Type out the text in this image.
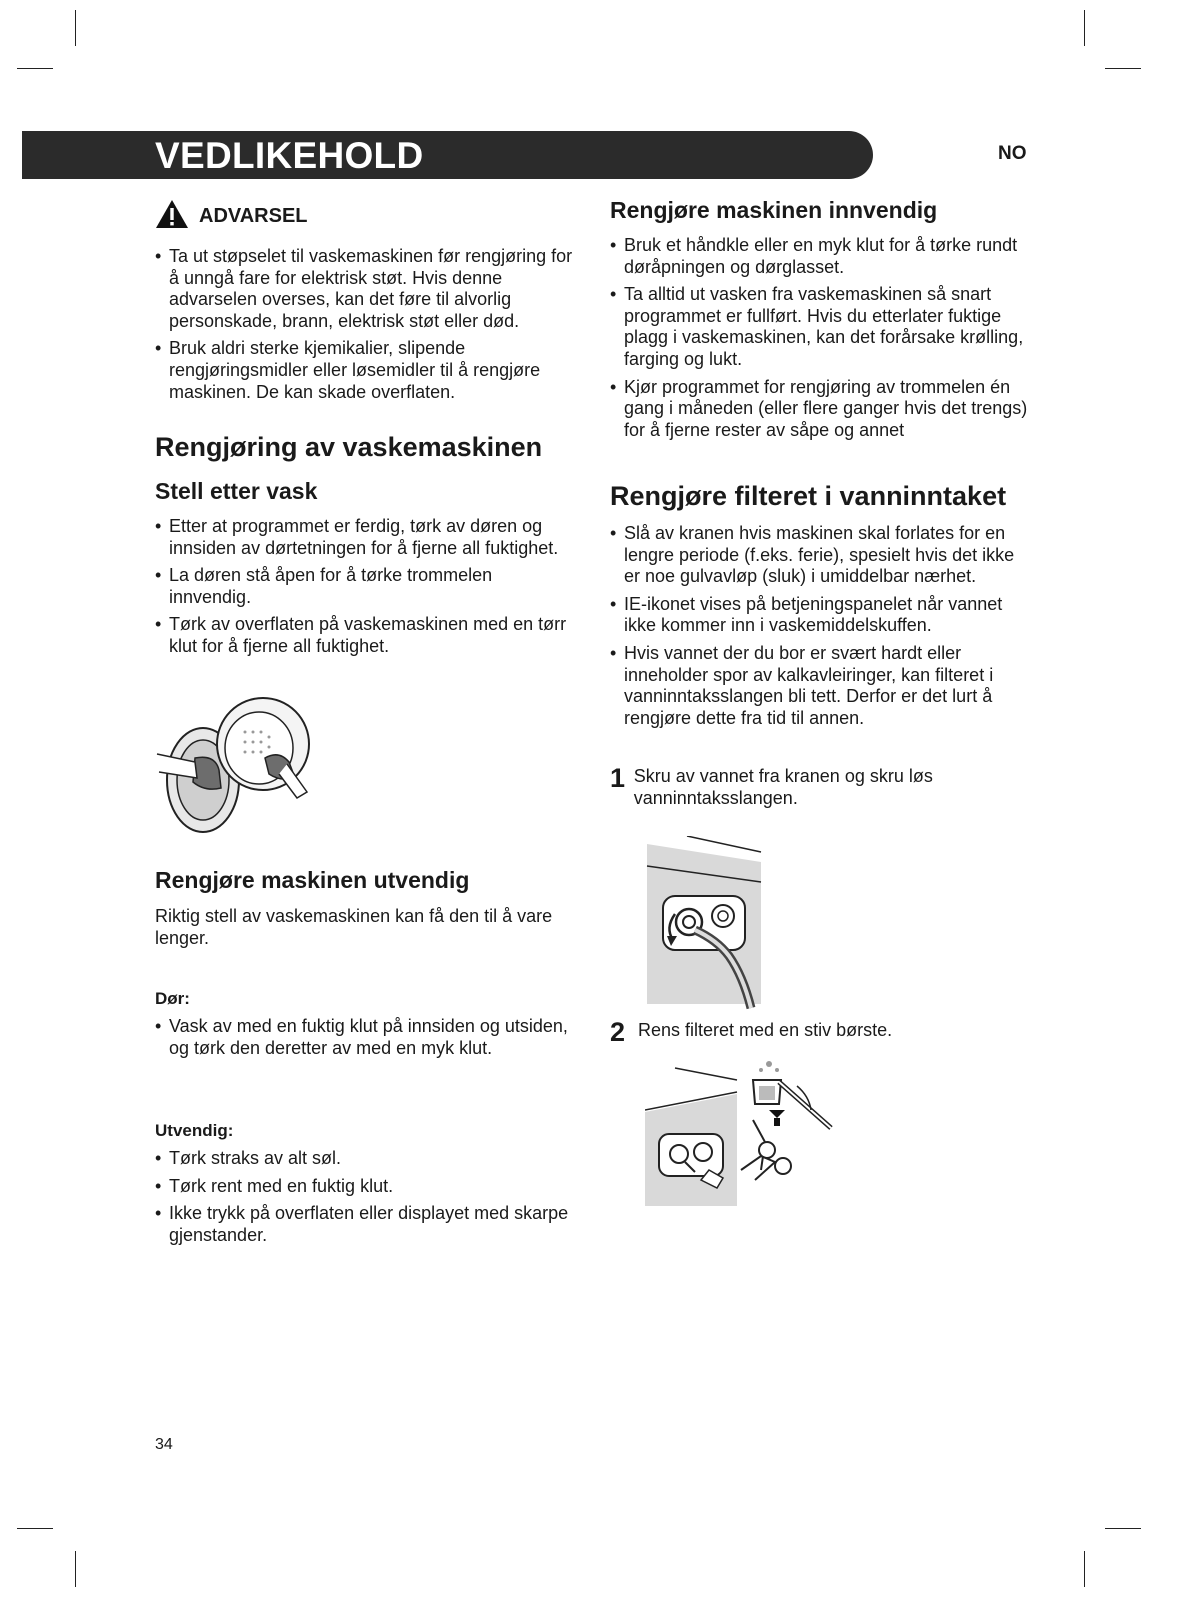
VEDLIKEHOLD	NO

ADVARSEL
• Ta ut støpselet til vaskemaskinen før rengjøring for å unngå fare for elektrisk støt. Hvis denne advarselen overses, kan det føre til alvorlig personskade, brann, elektrisk støt eller død.
• Bruk aldri sterke kjemikalier, slipende rengjøringsmidler eller løsemidler til å rengjøre maskinen. De kan skade overflaten.
Rengjøring av vaskemaskinen
Stell etter vask
• Etter at programmet er ferdig, tørk av døren og innsiden av dørtetningen for å fjerne all fuktighet.
• La døren stå åpen for å tørke trommelen innvendig.
• Tørk av overflaten på vaskemaskinen med en tørr klut for å fjerne all fuktighet.
Rengjøre maskinen utvendig

Riktig stell av vaskemaskinen kan få den til å vare lenger.

Dør:

• Vask av med en fuktig klut på innsiden og utsiden, og tørk den deretter av med en myk klut.

Utvendig:

• Tørk straks av alt søl.
• Tørk rent med en fuktig klut.
• Ikke trykk på overflaten eller displayet med skarpe gjenstander.
Rengjøre maskinen innvendig
• Bruk et håndkle eller en myk klut for å tørke rundt døråpningen og dørglasset.
• Ta alltid ut vasken fra vaskemaskinen så snart programmet er fullført. Hvis du etterlater fuktige plagg i vaskemaskinen, kan det forårsake krølling, farging og lukt.
• Kjør programmet for rengjøring av trommelen én gang i måneden (eller flere ganger hvis det trengs) for å fjerne rester av såpe og annet
Rengjøre filteret i vanninntaket
• Slå av kranen hvis maskinen skal forlates for en lengre periode (f.eks. ferie), spesielt hvis det ikke er noe gulvavløp (sluk) i umiddelbar nærhet.
• IE-ikonet vises på betjeningspanelet når vannet ikke kommer inn i vaskemiddelskuffen.
• Hvis vannet der du bor er svært hardt eller inneholder spor av kalkavleiringer, kan filteret i vanninntaksslangen bli tett. Derfor er det lurt å rengjøre dette fra tid til annen.
1 Skru av vannet fra kranen og skru løs vanninntaksslangen.
2 Rens filteret med en stiv børste.

34
